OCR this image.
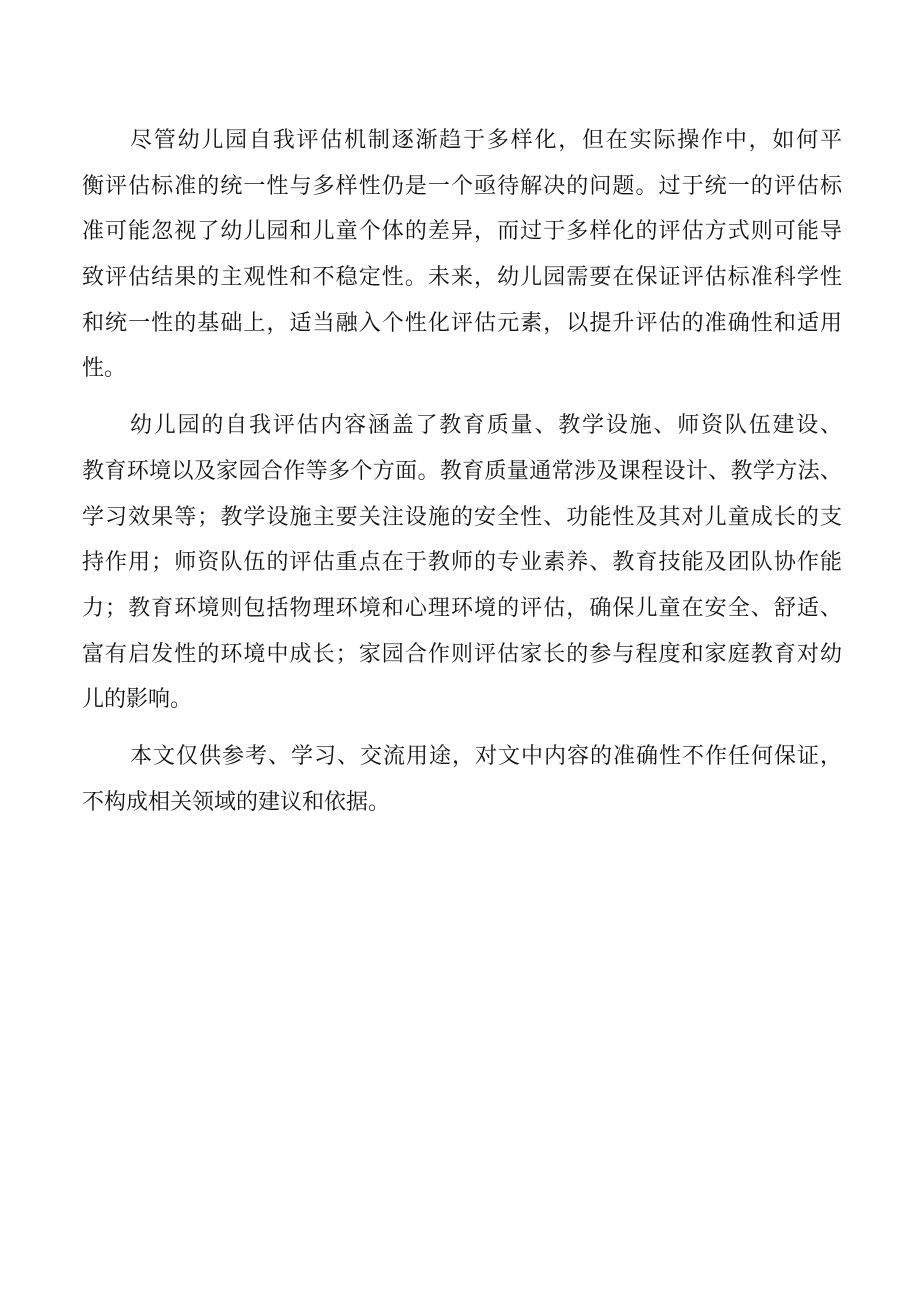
尽管幼儿园自我评估机制逐渐趋于多样化，但在实际操作中，如何平
衡评估标准的统一性与多样性仍是一个亟待解决的问题。过于统一的评估标
准可能忽视了幼儿园和儿童个体的差异，而过于多样化的评估方式则可能导
致评估结果的主观性和不稳定性。未来，幼儿园需要在保证评估标准科学性
和统一性的基础上，适当融入个性化评估元素，以提升评估的准确性和适用
性。
幼儿园的自我评估内容涵盖了教育质量、教学设施、师资队伍建设、
教育环境以及家园合作等多个方面。教育质量通常涉及课程设计、教学方法、
学习效果等；教学设施主要关注设施的安全性、功能性及其对儿童成长的支
持作用；师资队伍的评估重点在于教师的专业素养、教育技能及团队协作能
力；教育环境则包括物理环境和心理环境的评估，确保儿童在安全、舒适、
富有启发性的环境中成长；家园合作则评估家长的参与程度和家庭教育对幼
儿的影响。
本文仅供参考、学习、交流用途，对文中内容的准确性不作任何保证，
不构成相关领域的建议和依据。
